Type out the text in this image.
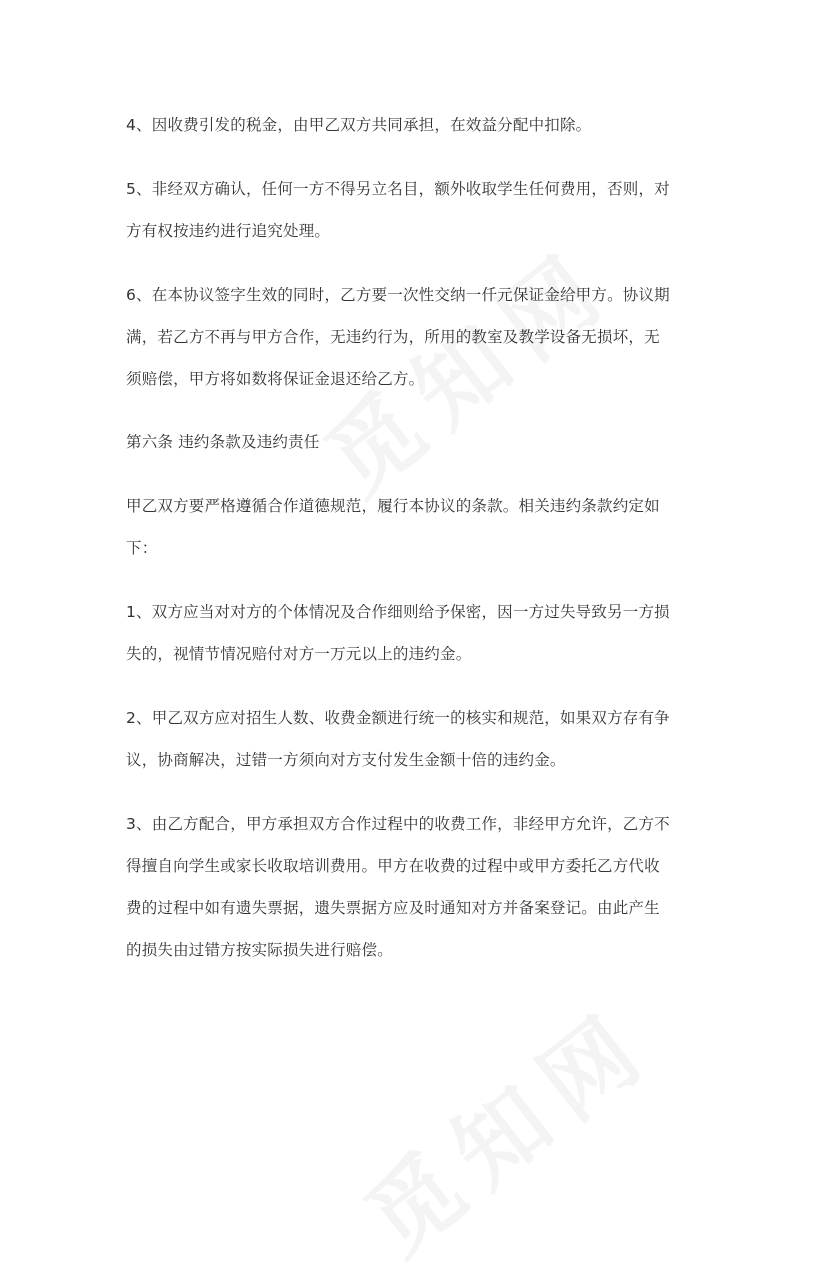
4、因收费引发的税金，由甲乙双方共同承担，在效益分配中扣除。
5、非经双方确认，任何一方不得另立名目，额外收取学生任何费用，否则，对
方有权按违约进行追究处理。
6、在本协议签字生效的同时，乙方要一次性交纳一仟元保证金给甲方。协议期
满，若乙方不再与甲方合作，无违约行为，所用的教室及教学设备无损坏，无
须赔偿，甲方将如数将保证金退还给乙方。
第六条 违约条款及违约责任
甲乙双方要严格遵循合作道德规范，履行本协议的条款。相关违约条款约定如
下：
1、双方应当对对方的个体情况及合作细则给予保密，因一方过失导致另一方损
失的，视情节情况赔付对方一万元以上的违约金。
2、甲乙双方应对招生人数、收费金额进行统一的核实和规范，如果双方存有争
议，协商解决，过错一方须向对方支付发生金额十倍的违约金。
3、由乙方配合，甲方承担双方合作过程中的收费工作，非经甲方允许，乙方不
得擅自向学生或家长收取培训费用。甲方在收费的过程中或甲方委托乙方代收
费的过程中如有遗失票据，遗失票据方应及时通知对方并备案登记。由此产生
的损失由过错方按实际损失进行赔偿。
